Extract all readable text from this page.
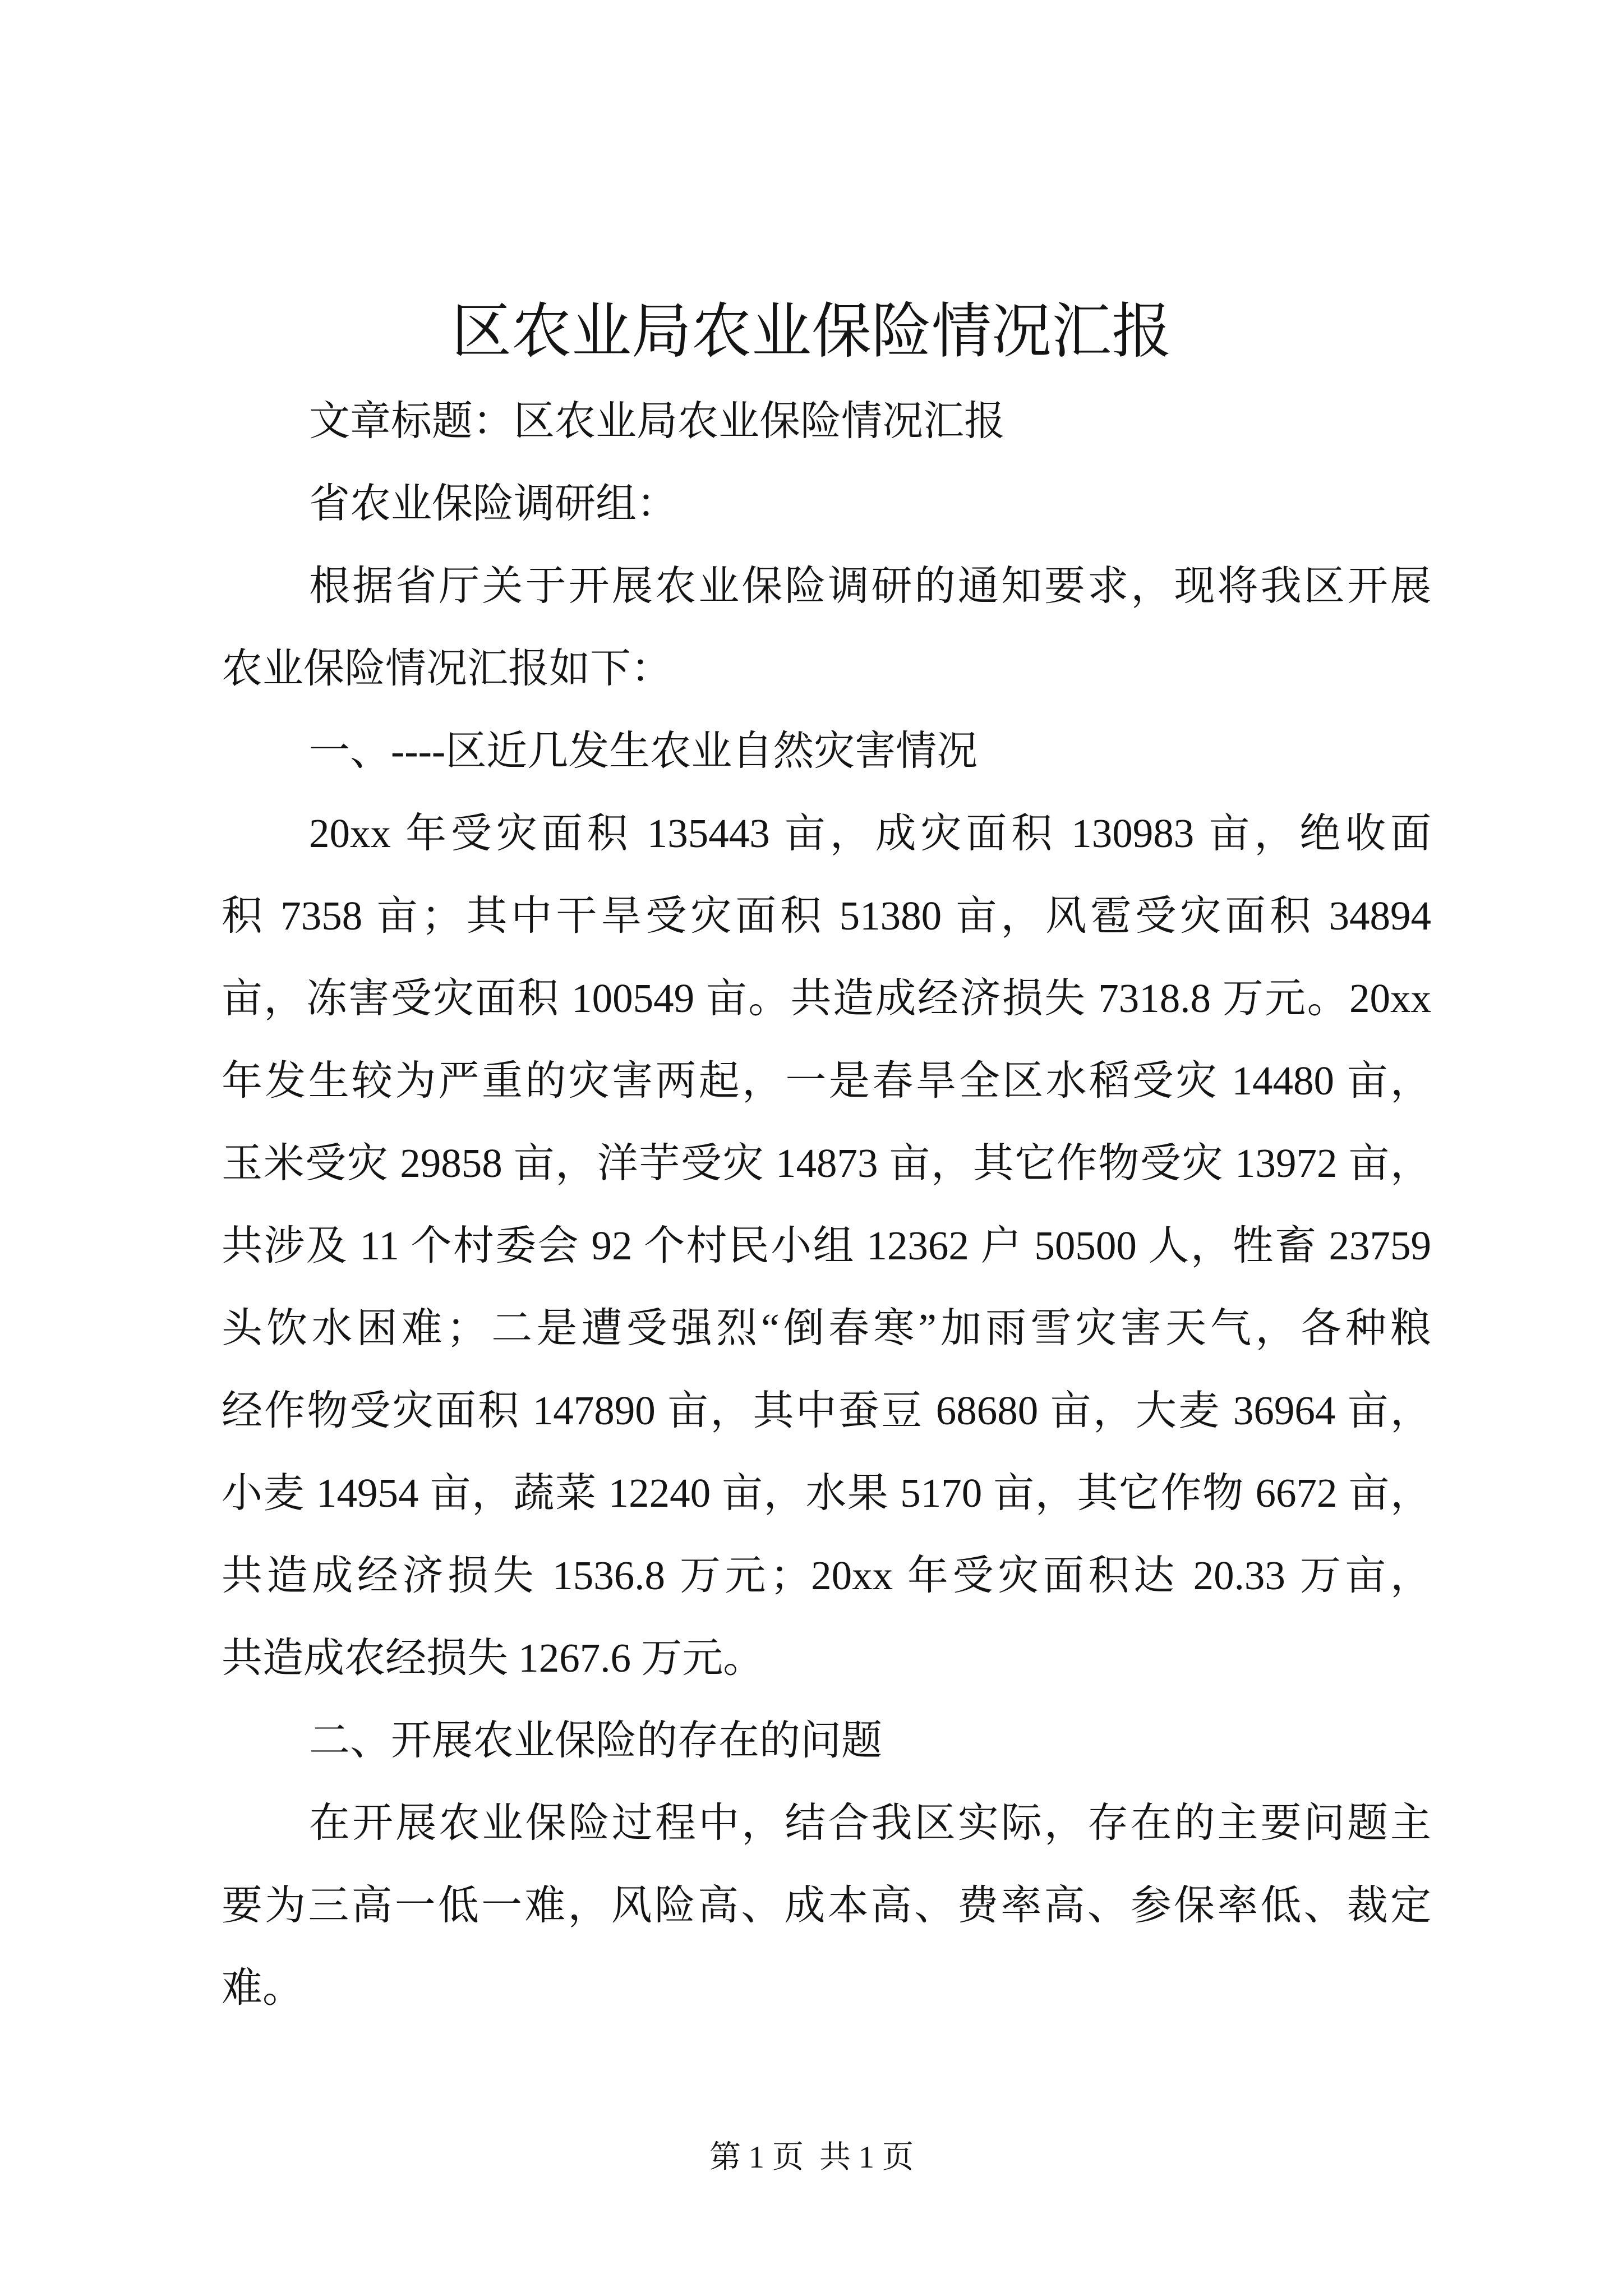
区农业局农业保险情况汇报
文章标题：区农业局农业保险情况汇报
省农业保险调研组：
根据省厅关于开展农业保险调研的通知要求，现将我区开展
农业保险情况汇报如下：
一、----区近几发生农业自然灾害情况
20xx 年受灾面积 135443 亩，成灾面积 130983 亩，绝收面
积 7358 亩；其中干旱受灾面积 51380 亩，风雹受灾面积 34894
亩，冻害受灾面积 100549 亩。共造成经济损失 7318.8 万元。20xx
年发生较为严重的灾害两起，一是春旱全区水稻受灾 14480 亩，
玉米受灾 29858 亩，洋芋受灾 14873 亩，其它作物受灾 13972 亩，
共涉及 11 个村委会 92 个村民小组 12362 户 50500 人，牲畜 23759
头饮水困难；二是遭受强烈“倒春寒”加雨雪灾害天气，各种粮
经作物受灾面积 147890 亩，其中蚕豆 68680 亩，大麦 36964 亩，
小麦 14954 亩，蔬菜 12240 亩，水果 5170 亩，其它作物 6672 亩，
共造成经济损失 1536.8 万元；20xx 年受灾面积达 20.33 万亩，
共造成农经损失 1267.6 万元。
二、开展农业保险的存在的问题
在开展农业保险过程中，结合我区实际，存在的主要问题主
要为三高一低一难，风险高、成本高、费率高、参保率低、裁定
难。
第 1 页  共 1 页
